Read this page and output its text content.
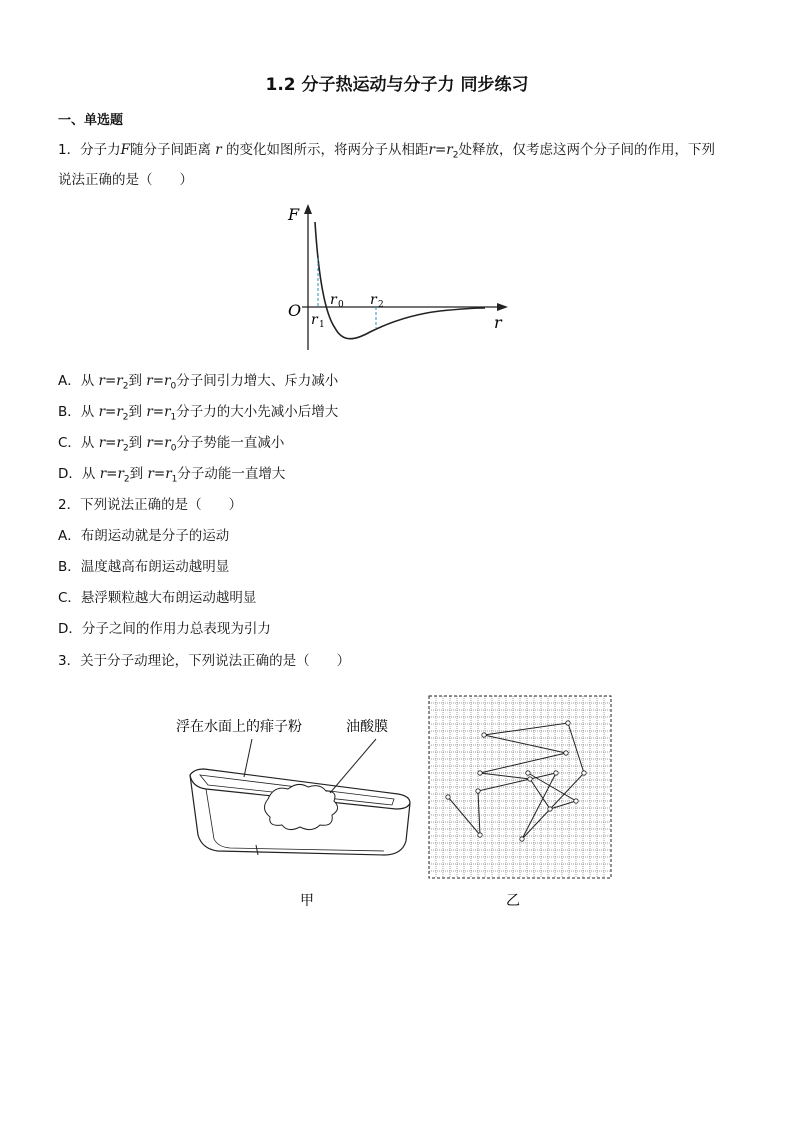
1.2 分子热运动与分子力 同步练习
一、单选题
1．分子力F随分子间距离 r 的变化如图所示，将两分子从相距$r=r_2$处释放，仅考虑这两个分子间的作用，下列
说法正确的是（　　）
F
O
r
r 0
r 1
r 2
A．从 $r=r_2$到 $r=r_0$分子间引力增大、斥力减小
B．从 $r=r_2$到 $r=r_1$分子力的大小先减小后增大
C．从 $r=r_2$到 $r=r_0$分子势能一直减小
D．从 $r=r_2$到 $r=r_1$分子动能一直增大
2．下列说法正确的是（　　）
A．布朗运动就是分子的运动
B．温度越高布朗运动越明显
C．悬浮颗粒越大布朗运动越明显
D．分子之间的作用力总表现为引力
3．关于分子动理论，下列说法正确的是（　　）
浮在水面上的痱子粉	油酸膜
甲	乙
